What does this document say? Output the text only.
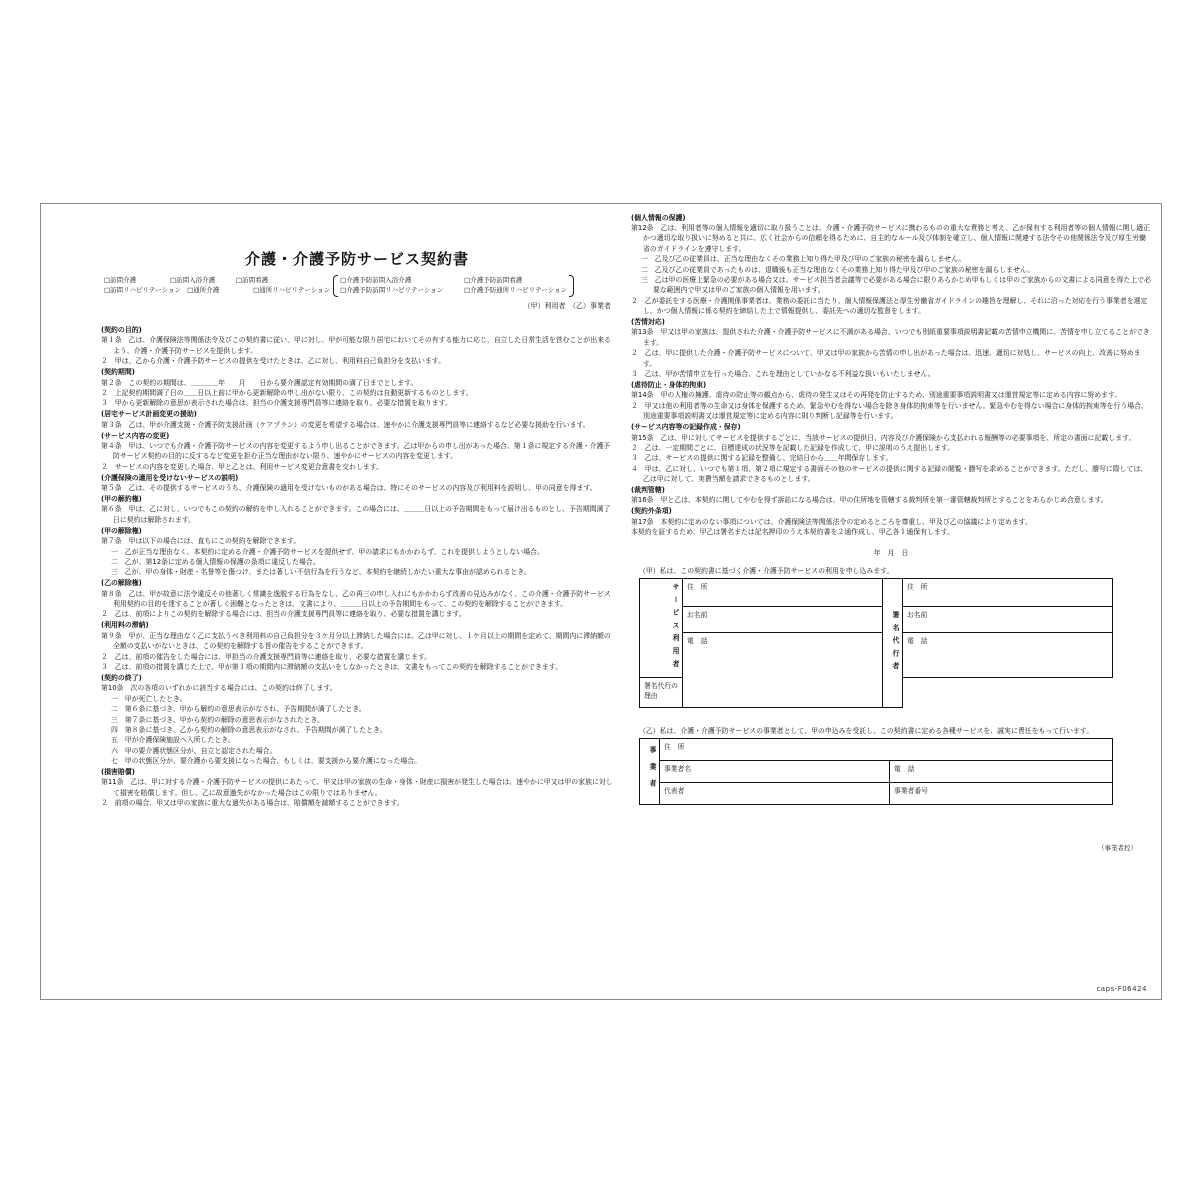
介護・介護予防サービス契約書
□訪問介護	□訪問入浴介護	□訪問看護
□訪問リハビリテーション □通所介護	□通所リハビリテーション
□介護予防訪問入浴介護	□介護予防訪問看護
□介護予防訪問リハビリテーション	□介護予防通所リハビリテーション
（甲）利用者　（乙）事業者
(契約の目的)
第１条　乙は、介護保険法等関係法令及びこの契約書に従い、甲に対し、甲が可能な限り居宅においてその有する能力に応じ、自立した日常生活を営むことが出来るよう、介護・介護予防サービスを提供します。
２　甲は、乙から介護・介護予防サービスの提供を受けたときは、乙に対し、利用料自己負担分を支払います。
(契約期間)
第２条　この契約の期間は、＿＿＿＿年　　月　　日から要介護認定有効期間の満了日までとします。
２　上記契約期間満了日の＿＿日以上前に甲から更新解除の申し出がない限り、この契約は自動更新するものとします。
３　甲から更新解除の意思が表示された場合は、担当の介護支援専門員等に連絡を取り、必要な措置を取ります。
(居宅サービス計画変更の援助)
第３条　乙は、甲が介護支援・介護予防支援計画（ケアプラン）の変更を希望する場合は、速やかに介護支援専門員等に連絡するなど必要な援助を行います。
(サービス内容の変更)
第４条　甲は、いつでも介護・介護予防サービスの内容を変更するよう申し出ることができます。乙は甲からの申し出があった場合、第１条に規定する介護・介護予防サービス契約の目的に反するなど変更を拒む正当な理由がない限り、速やかにサービスの内容を変更します。
２　サービスの内容を変更した場合、甲と乙とは、利用サービス変更合意書を交わします。
(介護保険の適用を受けないサービスの説明)
第５条　乙は、その提供するサービスのうち、介護保険の適用を受けないものがある場合は、特にそのサービスの内容及び利用料を説明し、甲の同意を得ます。
(甲の解約権)
第６条　甲は、乙に対し、いつでもこの契約の解約を申し入れることができます。この場合には、＿＿＿日以上の予告期間をもって届け出るものとし、予告期間満了日に契約は解除されます。
(甲の解除権)
第７条　甲は以下の場合には、直ちにこの契約を解除できます。
一　乙が正当な理由なく、本契約に定める介護・介護予防サービスを提供せず、甲の請求にもかかわらず、これを提供しようとしない場合。
二　乙が、第12条に定める個人情報の保護の条項に違反した場合。
三　乙が、甲の身体・財産・名誉等を傷つけ、または著しい不信行為を行うなど、本契約を継続しがたい重大な事由が認められるとき。
(乙の解除権)
第８条　乙は、甲が故意に法令違反その他著しく常識を逸脱する行為をなし、乙の再三の申し入れにもかかわらず改善の見込みがなく、この介護・介護予防サービス利用契約の目的を達することが著しく困難となったときは、文書により、＿＿＿日以上の予告期間をもって、この契約を解除することができます。
２　乙は、前項によりこの契約を解除する場合には、担当の介護支援専門員等に連絡を取り、必要な措置を講じます。
(利用料の滞納)
第９条　甲が、正当な理由なく乙に支払うべき利用料の自己負担分を３ケ月分以上滞納した場合には、乙は甲に対し、１ケ月以上の期間を定めて、期間内に滞納額の全額の支払いがないときは、この契約を解除する旨の催告をすることができます。
２　乙は、前項の催告をした場合には、甲担当の介護支援専門員等に連絡を取り、必要な措置を講じます。
３　乙は、前項の措置を講じた上で、甲が第１項の期間内に滞納額の支払いをしなかったときは、文書をもってこの契約を解除することができます。
(契約の終了)
第10条　次の各項のいずれかに該当する場合には、この契約は終了します。
一　甲が死亡したとき。
二　第６条に基づき、甲から解約の意思表示がなされ、予告期間が満了したとき。
三　第７条に基づき、甲から契約の解除の意思表示がなされたとき。
四　第８条に基づき、乙から契約の解除の意思表示がなされ、予告期間が満了したとき。
五　甲が介護保険施設へ入所したとき。
六　甲の要介護状態区分が、自立と認定された場合。
七　甲の状態区分が、要介護から要支援になった場合、もしくは、要支援から要介護になった場合。
(損害賠償)
第11条　乙は、甲に対する介護・介護予防サービスの提供にあたって、甲又は甲の家族の生命・身体・財産に損害が発生した場合は、速やかに甲又は甲の家族に対して損害を賠償します。但し、乙に故意過失がなかった場合はこの限りではありません。
２　前項の場合、甲又は甲の家族に重大な過失がある場合は、賠償額を減額することができます。
(個人情報の保護)
第12条　乙は、利用者等の個人情報を適切に取り扱うことは、介護・介護予防サービスに携わるものの重大な責務と考え、乙が保有する利用者等の個人情報に関し適正かつ適切な取り扱いに努めると共に、広く社会からの信頼を得るために、自主的なルール及び体制を確立し、個人情報に関連する法令その他関係法令及び厚生労働省のガイドラインを遵守します。
一　乙及び乙の従業員は、正当な理由なくその業務上知り得た甲及び甲のご家族の秘密を漏らしません。
二　乙及び乙の従業員であったものは、退職後も正当な理由なくその業務上知り得た甲及び甲のご家族の秘密を漏らしません。
三　乙は甲の医療上緊急の必要がある場合又は、サービス担当者会議等で必要がある場合に限りあらかじめ甲もしくは甲のご家族からの文書による同意を得た上で必要な範囲内で甲又は甲のご家族の個人情報を用います。
２　乙が委託をする医療・介護関係事業者は、業務の委託に当たり、個人情報保護法と厚生労働省ガイドラインの趣旨を理解し、それに沿った対応を行う事業者を選定し、かつ個人情報に係る契約を締結した上で情報提供し、委託先への適切な監督をします。
(苦情対応)
第13条　甲又は甲の家族は、提供された介護・介護予防サービスに不満がある場合、いつでも別紙重要事項説明書記載の苦情申立機関に、苦情を申し立てることができます。
２　乙は、甲に提供した介護・介護予防サービスについて、甲又は甲の家族から苦情の申し出があった場合は、迅速、適切に対処し、サービスの向上、改善に努めます。
３　乙は、甲が苦情申立を行った場合、これを理由としていかなる不利益な扱いもいたしません。
(虐待防止・身体的拘束)
第14条　甲の人権の擁護、虐待の防止等の観点から、虐待の発生又はその再発を防止するため、別途重要事項説明書又は運営規定等に定める内容に努めます。
２　甲又は他の利用者等の生命又は身体を保護するため、緊急やむを得ない場合を除き身体的拘束等を行いません。緊急やむを得ない場合に身体的拘束等を行う場合、別途重要事項説明書又は運営規定等に定める内容に則り判断し記録等を行います。
(サービス内容等の記録作成・保存)
第15条　乙は、甲に対してサービスを提供するごとに、当該サービスの提供日、内容及び介護保険から支払われる報酬等の必要事項を、所定の書面に記載します。
２　乙は、一定期間ごとに、目標達成の状況等を記載した記録を作成して、甲に説明のうえ提出します。
３　乙は、サービスの提供に関する記録を整備し、完結日から＿＿年間保存します。
４　甲は、乙に対し、いつでも第１項、第２項に規定する書面その他のサービスの提供に関する記録の閲覧・謄写を求めることができます。ただし、謄写に際しては、乙は甲に対して、実費当額を請求できるものとします。
(裁判管轄)
第16条　甲と乙は、本契約に関してやむを得ず訴訟になる場合は、甲の住所地を管轄する裁判所を第一審管轄裁判所とすることをあらかじめ合意します。
(契約外条項)
第17条　本契約に定めのない事項については、介護保険法等関係法令の定めるところを尊重し、甲及び乙の協議により定めます。
本契約を証するため、甲乙は署名または記名押印のうえ本契約書を２通作成し、甲乙各１通保有します。
年　月　日
（甲）私は、この契約書に基づく介護・介護予防サービスの利用を申し込みます。
サービス利用者	住　所	署名代行者	住　所
	お名前		お名前
	電　話		電　話
署名代行の理由			
（乙）私は、介護・介護予防サービスの事業者として、甲の申込みを受託し、この契約書に定める各種サービスを、誠実に責任をもって行います。
事業者	住　所	
	事業者名	電　話
	代表者	事業者番号
（事業者控）
caps-F06424
